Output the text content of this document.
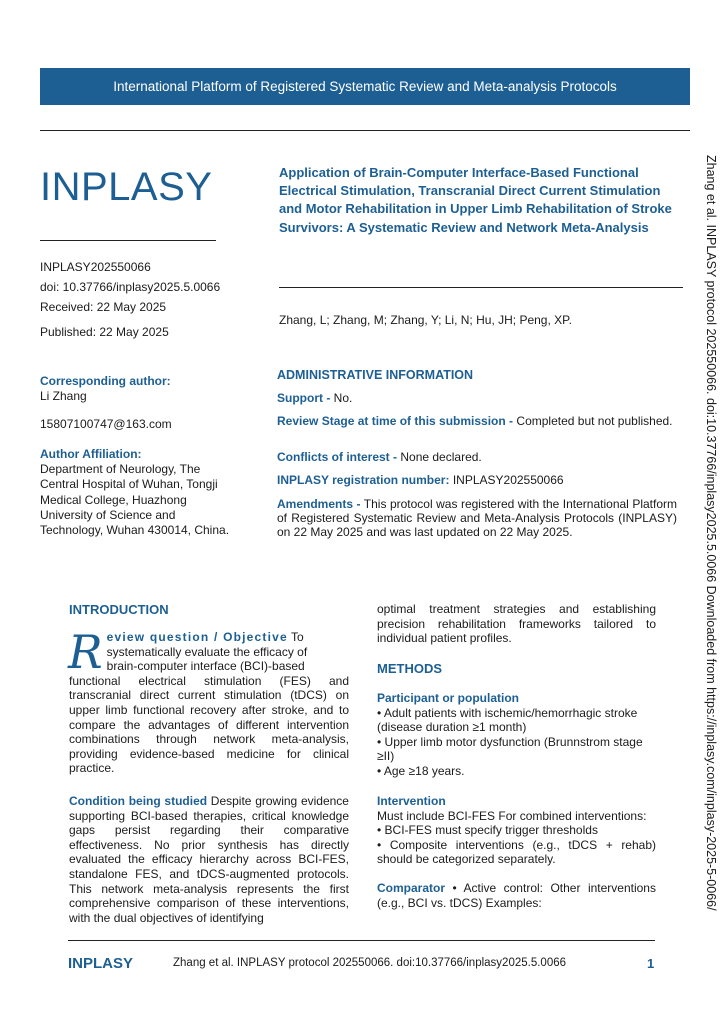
International Platform of Registered Systematic Review and Meta-analysis Protocols
INPLASY
INPLASY202550066
doi: 10.37766/inplasy2025.5.0066
Received: 22 May 2025
Published: 22 May 2025
Application of Brain-Computer Interface-Based Functional Electrical Stimulation, Transcranial Direct Current Stimulation and Motor Rehabilitation in Upper Limb Rehabilitation of Stroke Survivors: A Systematic Review and Network Meta-Analysis
Zhang, L; Zhang, M; Zhang, Y; Li, N; Hu, JH; Peng, XP.
Corresponding author:
Li Zhang
15807100747@163.com
Author Affiliation:
Department of Neurology, The Central Hospital of Wuhan, Tongji Medical College, Huazhong University of Science and Technology, Wuhan 430014, China.
ADMINISTRATIVE INFORMATION
Support - No.
Review Stage at time of this submission - Completed but not published.
Conflicts of interest - None declared.
INPLASY registration number: INPLASY202550066
Amendments - This protocol was registered with the International Platform of Registered Systematic Review and Meta-Analysis Protocols (INPLASY) on 22 May 2025 and was last updated on 22 May 2025.
INTRODUCTION
R eview question / Objective To
systematically evaluate the efficacy of
brain-computer interface (BCI)-based
functional electrical stimulation (FES) and transcranial direct current stimulation (tDCS) on upper limb functional recovery after stroke, and to compare the advantages of different intervention combinations through network meta-analysis, providing evidence-based medicine for clinical practice.
Condition being studied Despite growing evidence supporting BCI-based therapies, critical knowledge gaps persist regarding their comparative effectiveness. No prior synthesis has directly evaluated the efficacy hierarchy across BCI-FES, standalone FES, and tDCS-augmented protocols. This network meta-analysis represents the first comprehensive comparison of these interventions, with the dual objectives of identifying
optimal treatment strategies and establishing precision rehabilitation frameworks tailored to individual patient profiles.
METHODS
Participant or population
• Adult patients with ischemic/hemorrhagic stroke (disease duration ≥1 month)
• Upper limb motor dysfunction (Brunnstrom stage ≥II)
• Age ≥18 years.
Intervention
Must include BCI-FES For combined interventions:
• BCI-FES must specify trigger thresholds
• Composite interventions (e.g., tDCS + rehab) should be categorized separately.
Comparator • Active control: Other interventions (e.g., BCI vs. tDCS) Examples:	Zhang et al. INPLASY protocol 202550066. doi:10.37766/inplasy2025.5.0066 Downloaded from https://inplasy.com/inplasy-2025-5-0066/
INPLASY	Zhang et al. INPLASY protocol 202550066. doi:10.37766/inplasy2025.5.0066	1
